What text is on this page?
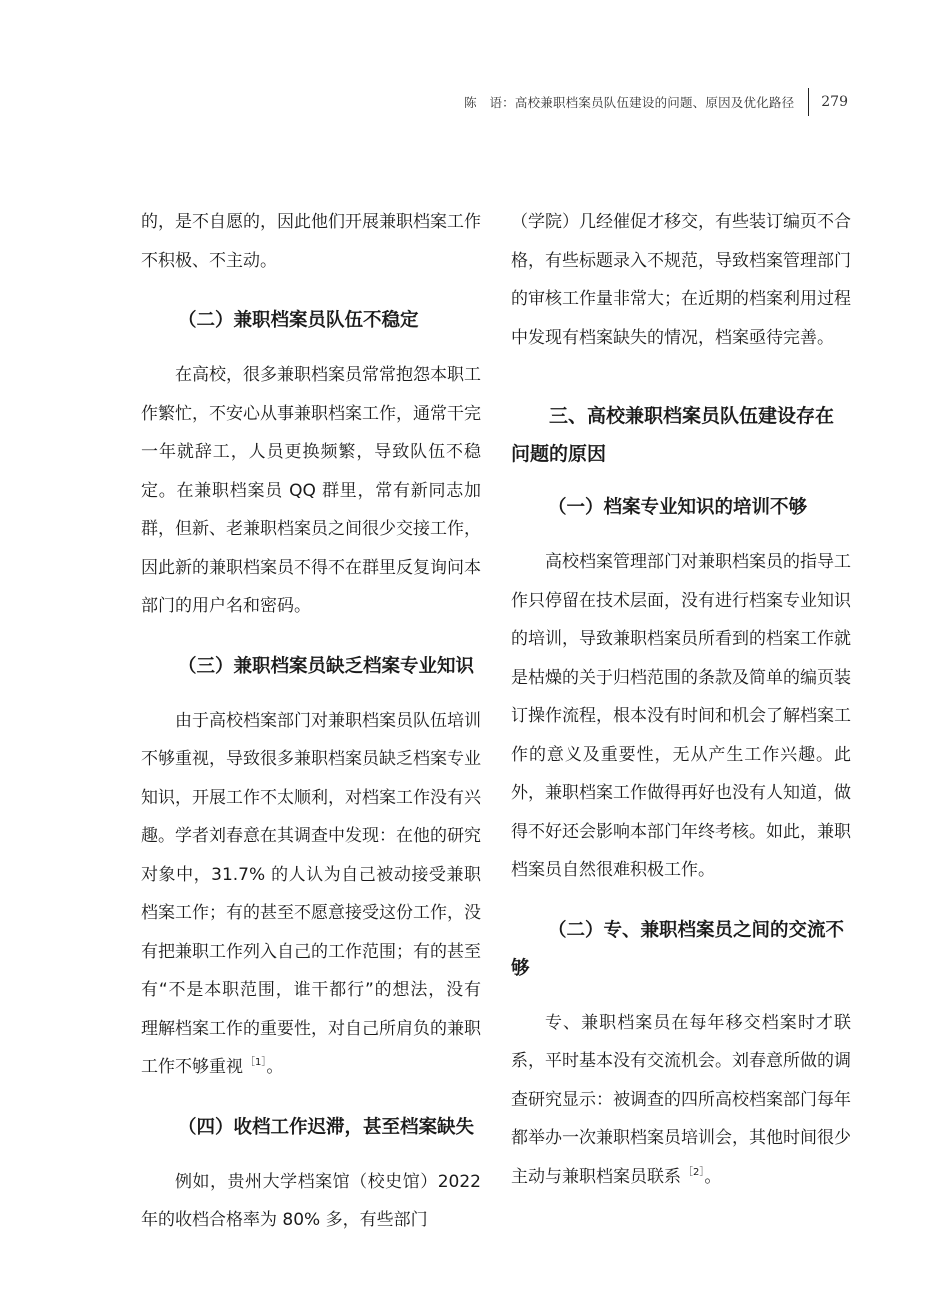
陈　语：高校兼职档案员队伍建设的问题、原因及优化路径 279

的，是不自愿的，因此他们开展兼职档案工作不积极、不主动。

（二）兼职档案员队伍不稳定

在高校，很多兼职档案员常常抱怨本职工作繁忙，不安心从事兼职档案工作，通常干完一年就辞工，人员更换频繁，导致队伍不稳定。在兼职档案员 QQ 群里，常有新同志加群，但新、老兼职档案员之间很少交接工作，因此新的兼职档案员不得不在群里反复询问本部门的用户名和密码。

（三）兼职档案员缺乏档案专业知识

由于高校档案部门对兼职档案员队伍培训不够重视，导致很多兼职档案员缺乏档案专业知识，开展工作不太顺利，对档案工作没有兴趣。学者刘春意在其调查中发现：在他的研究对象中，31.7% 的人认为自己被动接受兼职档案工作；有的甚至不愿意接受这份工作，没有把兼职工作列入自己的工作范围；有的甚至有“不是本职范围，谁干都行”的想法，没有理解档案工作的重要性，对自己所肩负的兼职工作不够重视 $^{[1]}$。

（四）收档工作迟滞，甚至档案缺失

例如，贵州大学档案馆（校史馆）2022 年的收档合格率为 80% 多，有些部门

（学院）几经催促才移交，有些装订编页不合格，有些标题录入不规范，导致档案管理部门的审核工作量非常大；在近期的档案利用过程中发现有档案缺失的情况，档案亟待完善。

三、高校兼职档案员队伍建设存在问题的原因
（一）档案专业知识的培训不够

高校档案管理部门对兼职档案员的指导工作只停留在技术层面，没有进行档案专业知识的培训，导致兼职档案员所看到的档案工作就是枯燥的关于归档范围的条款及简单的编页装订操作流程，根本没有时间和机会了解档案工作的意义及重要性，无从产生工作兴趣。此外，兼职档案工作做得再好也没有人知道，做得不好还会影响本部门年终考核。如此，兼职档案员自然很难积极工作。

（二）专、兼职档案员之间的交流不够

专、兼职档案员在每年移交档案时才联系，平时基本没有交流机会。刘春意所做的调查研究显示：被调查的四所高校档案部门每年都举办一次兼职档案员培训会，其他时间很少主动与兼职档案员联系 $^{[2]}$。
